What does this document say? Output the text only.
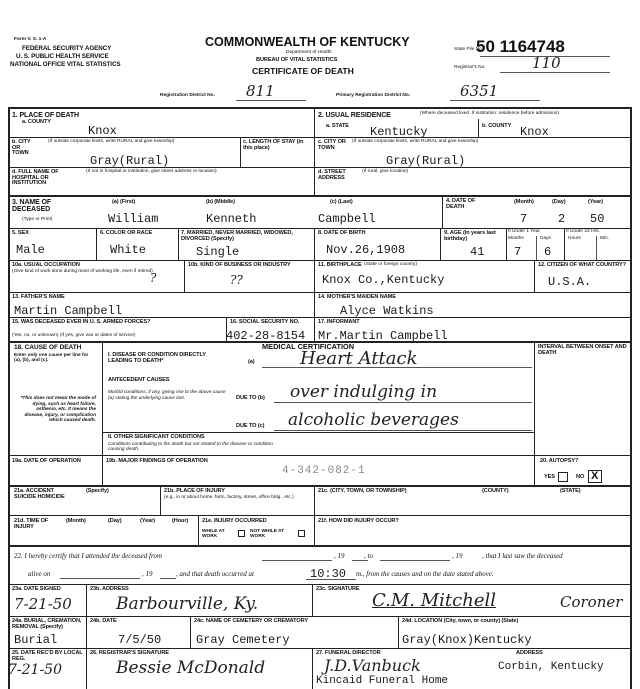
Form V. S. 1-A
FEDERAL SECURITY AGENCY
U. S. PUBLIC HEALTH SERVICE
NATIONAL OFFICE VITAL STATISTICS
COMMONWEALTH OF KENTUCKY
Department of Health
BUREAU OF VITAL STATISTICS
CERTIFICATE OF DEATH
State File No.
50 1164748
Registrar's No.	110
Registration District No. 811	Primary Registration District No.	6351
1. PLACE OF DEATH
a. COUNTY
Knox
b. CITY OR TOWN
(If outside corporate limits, write RURAL and give township)
Gray(Rural)
c. LENGTH OF STAY (in this place)
d. FULL NAME OF HOSPITAL OR INSTITUTION
(If not in hospital or institution, give street address or location)
2. USUAL RESIDENCE	(Where deceased lived. If institution: residence before admission)
a. STATE Kentucky	b. COUNTY Knox
c. CITY OR TOWN
(If outside corporate limits, write RURAL and give township)
Gray(Rural)
d. STREET ADDRESS
(If rural, give location)
3. NAME OF DECEASED
(Type or Print)
(a) (First)	(b) (Middle)	(c) (Last)
William	Kenneth	Campbell
4. DATE OF DEATH
(Month)	(Day)	(Year)
7	2 50
5. SEX
Male
6. COLOR OR RACE
White
7. MARRIED, NEVER MARRIED, WIDOWED, DIVORCED (Specify)
Single
8. DATE OF BIRTH
Nov.26,1908
9. AGE (In years last birthday)
41
If Under 1 Year
Months	Days
7 6
If Under 24 Hrs.
Hours	Min.
10a. USUAL OCCUPATION
(Give kind of work done during most of working life, even if retired)
?
10b. KIND OF BUSINESS OR INDUSTRY
??
11. BIRTHPLACE (State or foreign country)
Knox Co.,Kentucky
12. CITIZEN OF WHAT COUNTRY?
U.S.A.
13. FATHER'S NAME
Martin Campbell
14. MOTHER'S MAIDEN NAME
Alyce Watkins
15. WAS DECEASED EVER IN U. S. ARMED FORCES?
(Yes, no, or unknown) (If yes, give war or dates of service)
16. SOCIAL SECURITY NO.
402-28-8154
17. INFORMANT
Mr.Martin Campbell
18. CAUSE OF DEATH
Enter only one cause per line for (a), (b), and (c).
*This does not mean the mode of dying, such as heart failure, asthenia, etc. It means the disease, injury, or complication which caused death.
MEDICAL CERTIFICATION	INTERVAL BETWEEN ONSET AND DEATH
I. DISEASE OR CONDITION DIRECTLY LEADING TO DEATH*	(a)	Heart Attack
ANTECEDENT CAUSES
Morbid conditions, if any, giving rise to the above cause (a) stating the underlying cause last.	DUE TO (b) over indulging in
DUE TO (c) alcoholic beverages
II. OTHER SIGNIFICANT CONDITIONS
Conditions contributing to the death but not related to the disease or condition causing death.
19a. DATE OF OPERATION	19b. MAJOR FINDINGS OF OPERATION
4-342-082-1
20. AUTOPSY?
YES	NO X
21a. ACCIDENT SUICIDE HOMICIDE
(Specify)	21b. PLACE OF INJURY
(e.g., in or about home, farm, factory, street, office bldg., etc.)
21c. (CITY, TOWN, OR TOWNSHIP)	(COUNTY)	(STATE)
21d. TIME OF INJURY
(Month)	(Day)	(Year)	(Hour) 21e. INJURY OCCURRED
WHILE AT WORK
NOT WHILE AT WORK
21f. HOW DID INJURY OCCUR?
22. I hereby certify that I attended the deceased from	, 19	, to	, 19	, that I last saw the deceased
alive on	, 19	, and that death occurred at	10:30 m., from the causes and on the date stated above.
23a. DATE SIGNED
7-21-50
23b. ADDRESS
Barbourville, Ky.
23c. SIGNATURE
C.M. Mitchell	Coroner
24a. BURIAL, CREMATION, REMOVAL (Specify)
Burial
24b. DATE
7/5/50
24c. NAME OF CEMETERY OR CREMATORY
Gray Cemetery
24d. LOCATION (City, town, or county) (State)
Gray(Knox)Kentucky
25. DATE REC'D BY LOCAL REG.
7-21-50
26. REGISTRAR'S SIGNATURE
Bessie McDonald
27. FUNERAL DIRECTOR
J.D.Vanbuck
ADDRESS
Corbin, Kentucky
Kincaid Funeral Home
